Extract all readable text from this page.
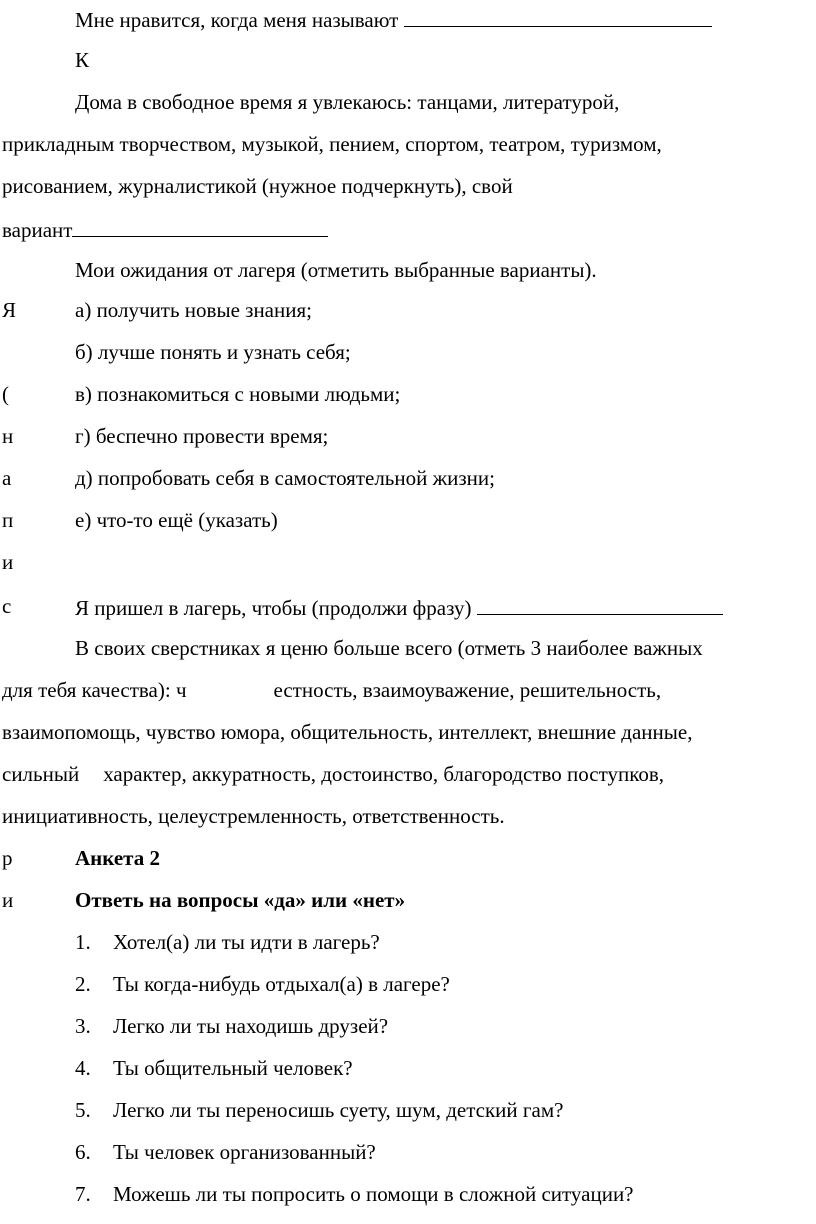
Мне нравится, когда меня называют
К
Дома в свободное время я увлекаюсь: танцами, литературой,
прикладным творчеством, музыкой, пением, спортом, театром, туризмом,
рисованием, журналистикой (нужное подчеркнуть), свой
вариант
Мои ожидания от лагеря (отметить выбранные варианты).
а) получить новые знания;
б) лучше понять и узнать себя;
в) познакомиться с новыми людьми;
г) беспечно провести время;
д) попробовать себя в самостоятельной жизни;
е) что-то ещё (указать)
Я пришел в лагерь, чтобы (продолжи фразу)
В своих сверстниках я ценю больше всего (отметь 3 наиболее важных
для тебя качества): ч	естность, взаимоуважение, решительность,
взаимопомощь, чувство юмора, общительность, интеллект, внешние данные,
сильный характер, аккуратность, достоинство, благородство поступков,
инициативность, целеустремленность, ответственность.
Анкета 2
Ответь на вопросы «да» или «нет»
1. Хотел(а) ли ты идти в лагерь?
2. Ты когда-нибудь отдыхал(а) в лагере?
3. Легко ли ты находишь друзей?
4. Ты общительный человек?
5. Легко ли ты переносишь суету, шум, детский гам?
6. Ты человек организованный?
7. Можешь ли ты попросить о помощи в сложной ситуации?
Я
(
н
а
п
и
с
р
и
